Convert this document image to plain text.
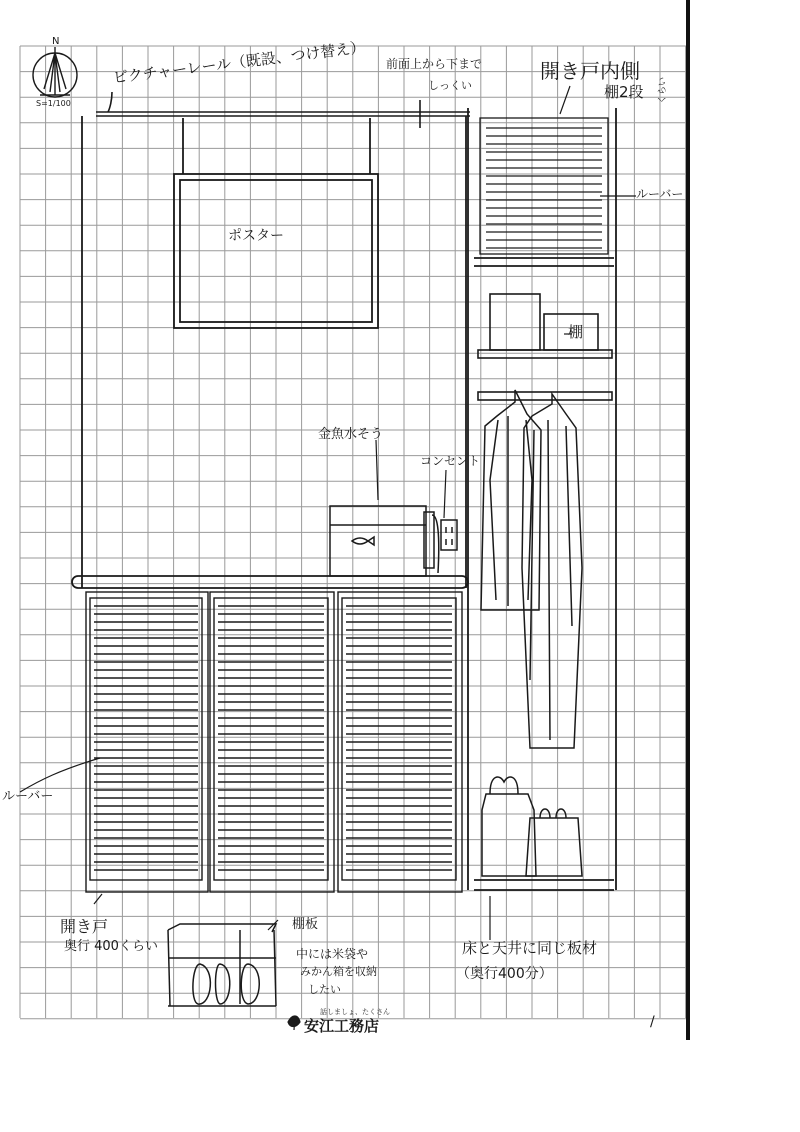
N
S=1/100
ピクチャーレール（既設、つけ替え） 前面上から下まで
しっくい
開き戸内側
棚2段 くらい
ルーバー
ポスター
棚
金魚水そう
コンセント
ルーバー
開き戸
奥行 400くらい
棚板
中には米袋や
みかん箱を収納
したい
床と天井に同じ板材
（奥行400分）
話しましょ、たくさん
安江工務店	/
